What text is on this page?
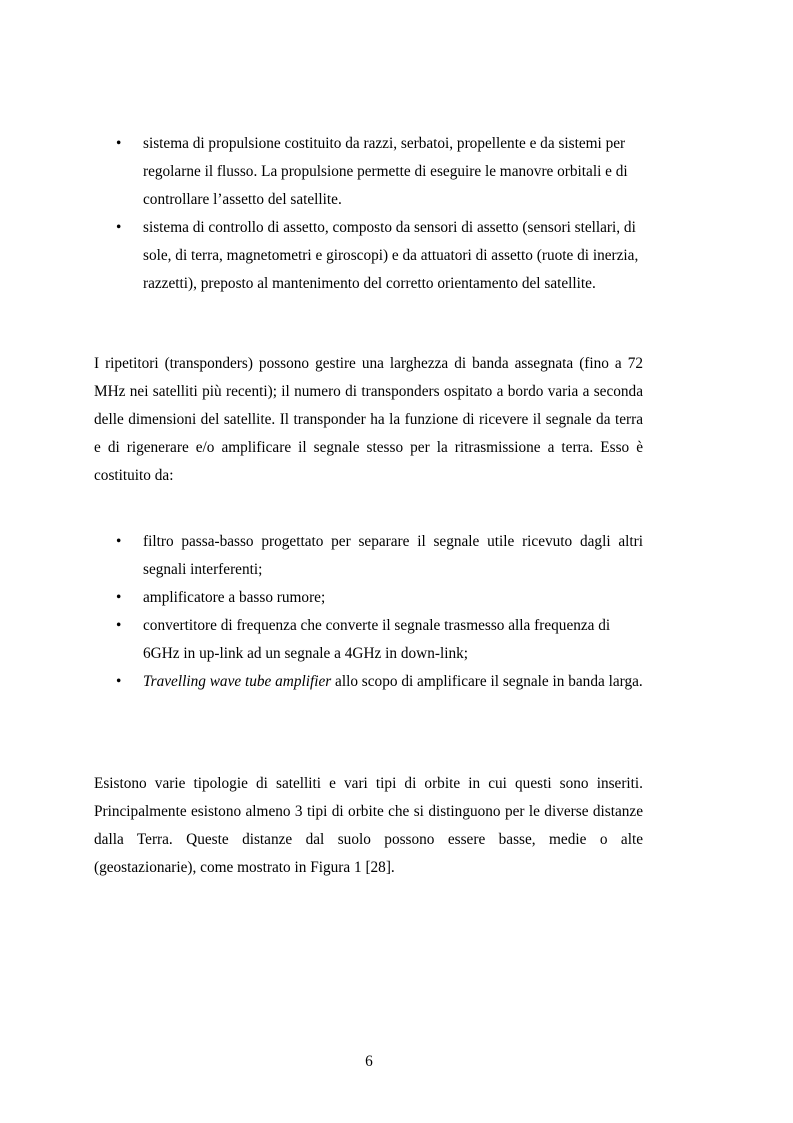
•	sistema di propulsione costituito da razzi, serbatoi, propellente e da sistemi per regolarne il flusso. La propulsione permette di eseguire le manovre orbitali e di controllare l’assetto del satellite.
•	sistema di controllo di assetto, composto da sensori di assetto (sensori stellari, di sole, di terra, magnetometri e giroscopi) e da attuatori di assetto (ruote di inerzia, razzetti), preposto al mantenimento del corretto orientamento del satellite.

I ripetitori (transponders) possono gestire una larghezza di banda assegnata (fino a 72 MHz nei satelliti più recenti); il numero di transponders ospitato a bordo varia a seconda delle dimensioni del satellite. Il transponder ha la funzione di ricevere il segnale da terra e di rigenerare e/o amplificare il segnale stesso per la ritrasmissione a terra. Esso è costituito da:

•	filtro passa-basso progettato per separare il segnale utile ricevuto dagli altri segnali interferenti;
•	amplificatore a basso rumore;
•	convertitore di frequenza che converte il segnale trasmesso alla frequenza di 6GHz in up-link ad un segnale a 4GHz in down-link;
•	Travelling wave tube amplifier allo scopo di amplificare il segnale in banda larga.

Esistono varie tipologie di satelliti e vari tipi di orbite in cui questi sono inseriti. Principalmente esistono almeno 3 tipi di orbite che si distinguono per le diverse distanze dalla Terra. Queste distanze dal suolo possono essere basse, medie o alte (geostazionarie), come mostrato in Figura 1 [28].

6
